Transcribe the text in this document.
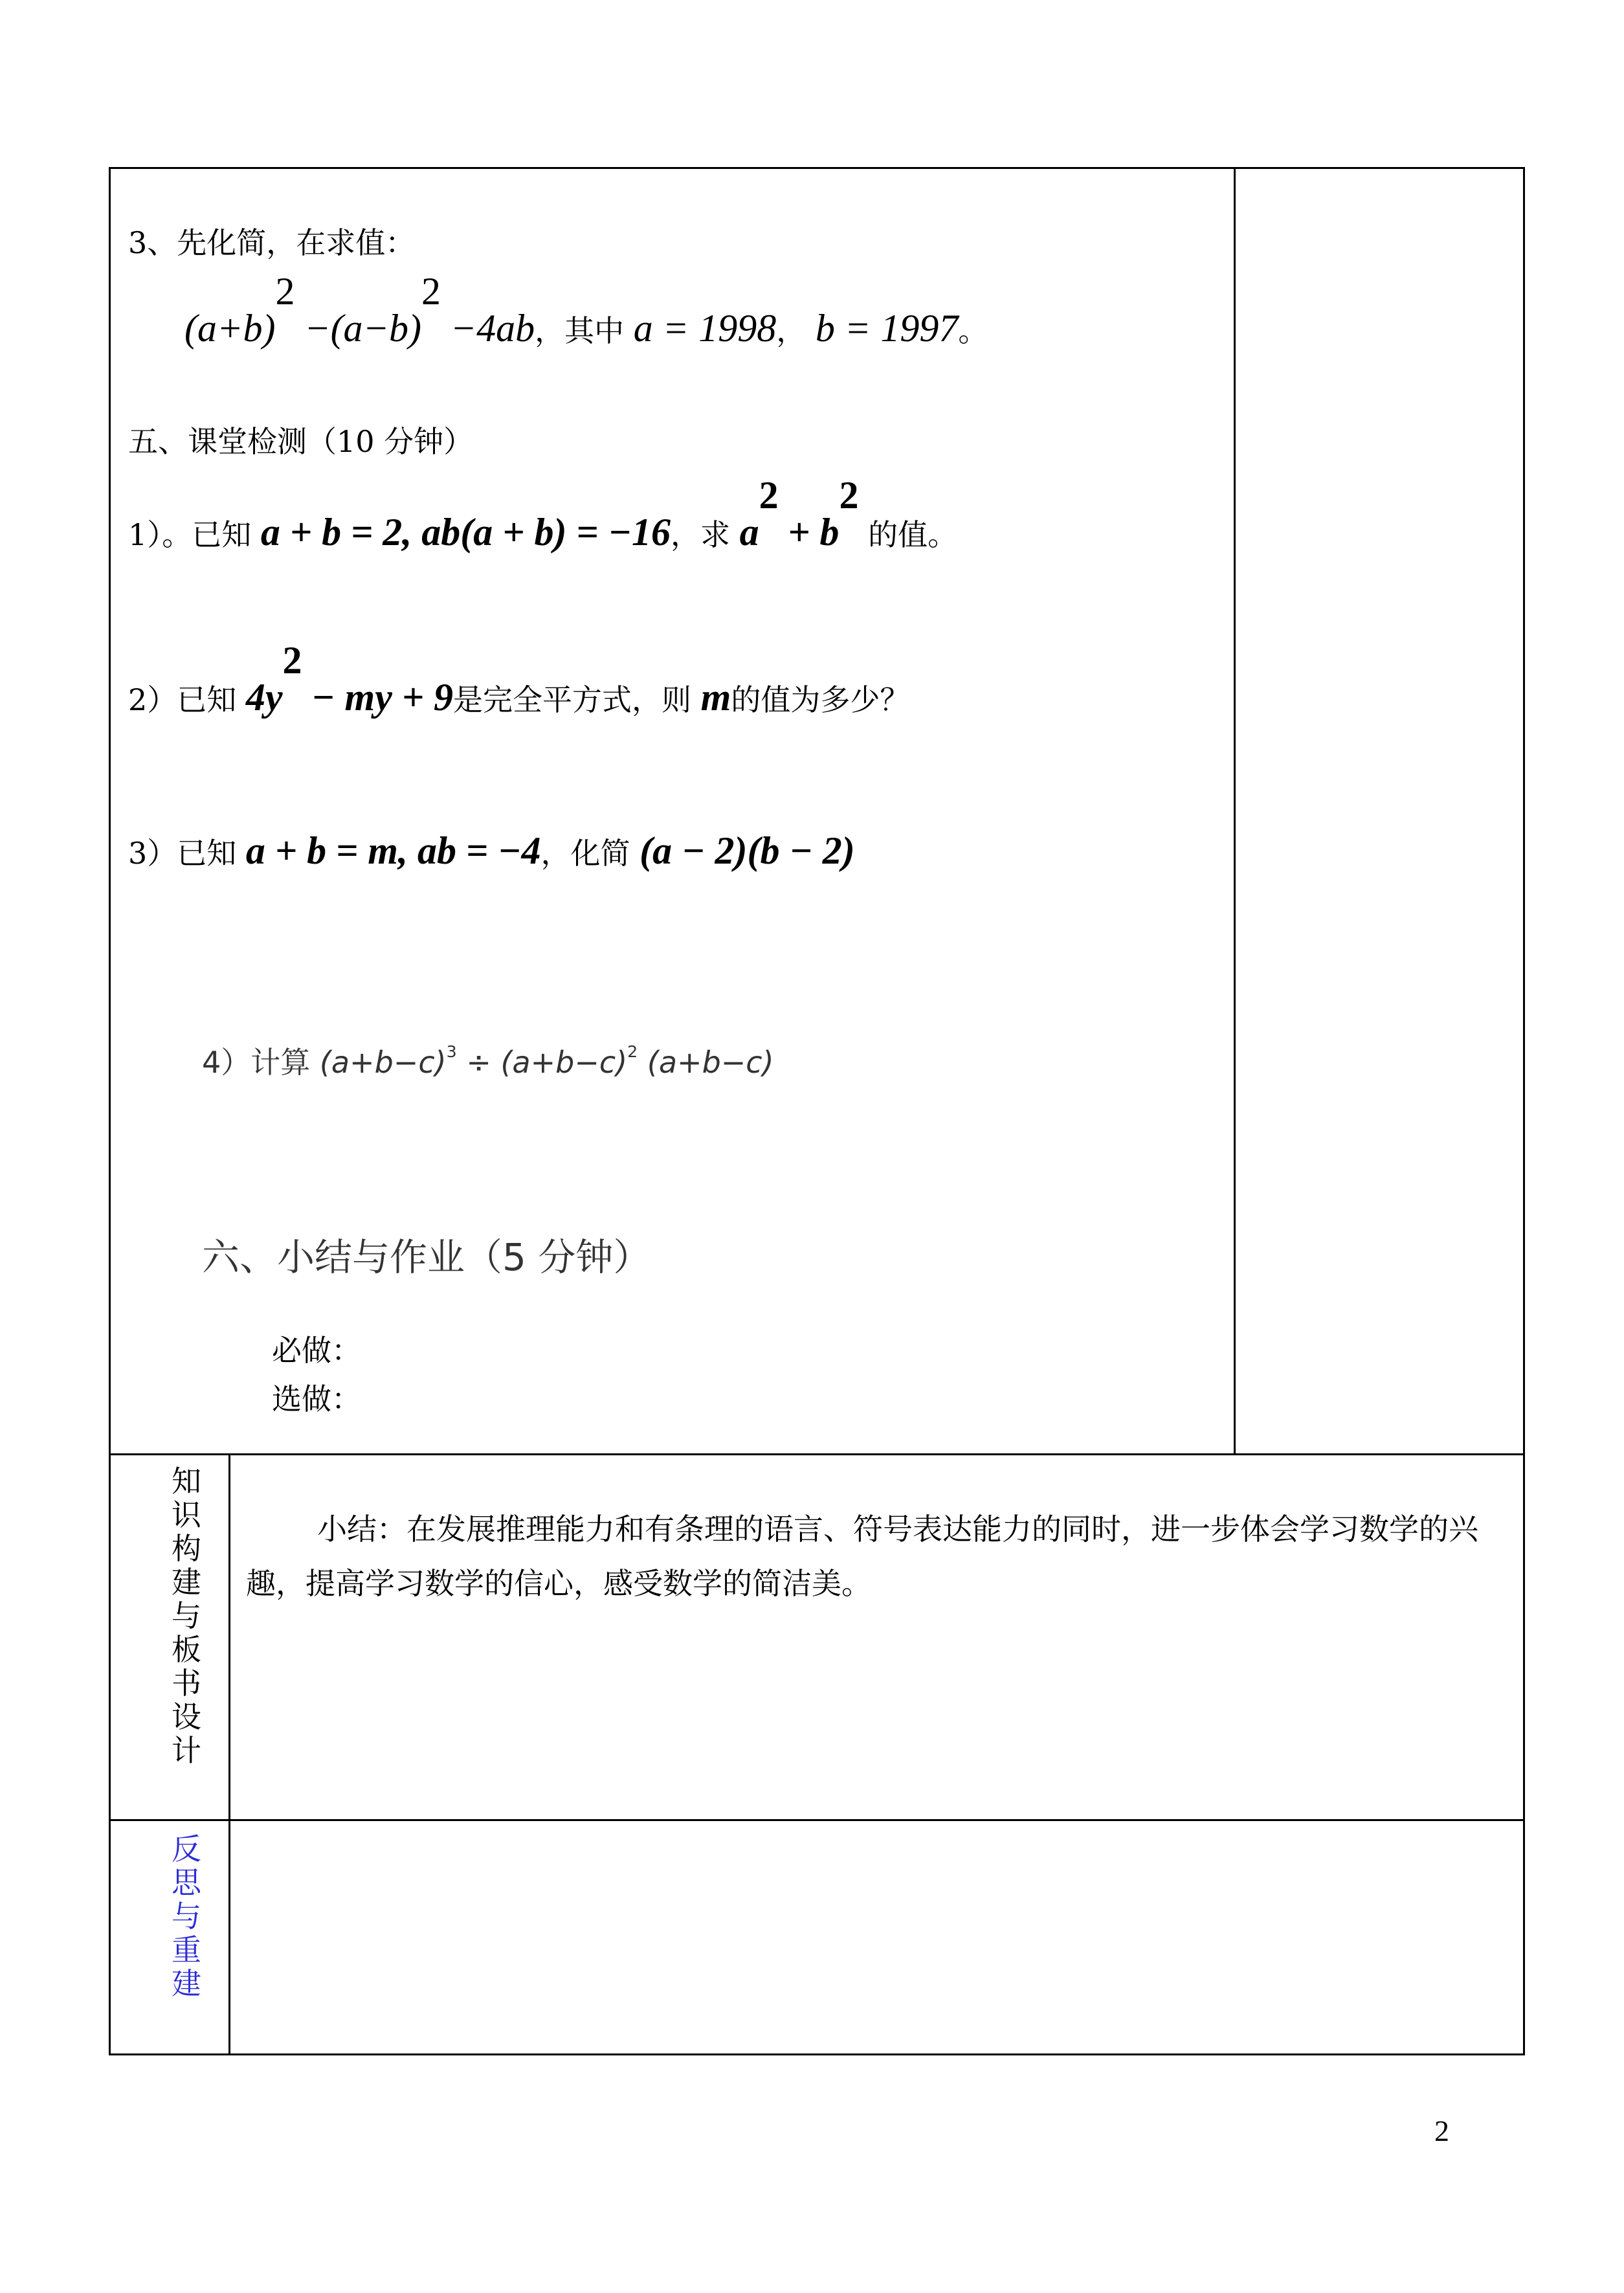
3、先化简，在求值：
$(a+b)^2 -(a-b)^2 -4ab$，其中 a = 1998， b = 1997。
五、课堂检测（10 分钟）
1）。已知 a + b = 2, ab(a + b) = −16，求 $a^2 + b^2$ 的值。
2）已知 $4y^2$ − my + 9是完全平方式，则 m的值为多少？
3）已知 a + b = m, ab = −4，化简 (a − 2)(b − 2)
4）计算 $(a+b-c)^3 \div (a+b-c)^2$ (a+b−c)
六、小结与作业（5 分钟）
必做：
选做：
知识构建与板书设计
小结：在发展推理能力和有条理的语言、符号表达能力的同时，进一步体会学习数学的兴趣，提高学习数学的信心，感受数学的简洁美。
反思与重建
2
